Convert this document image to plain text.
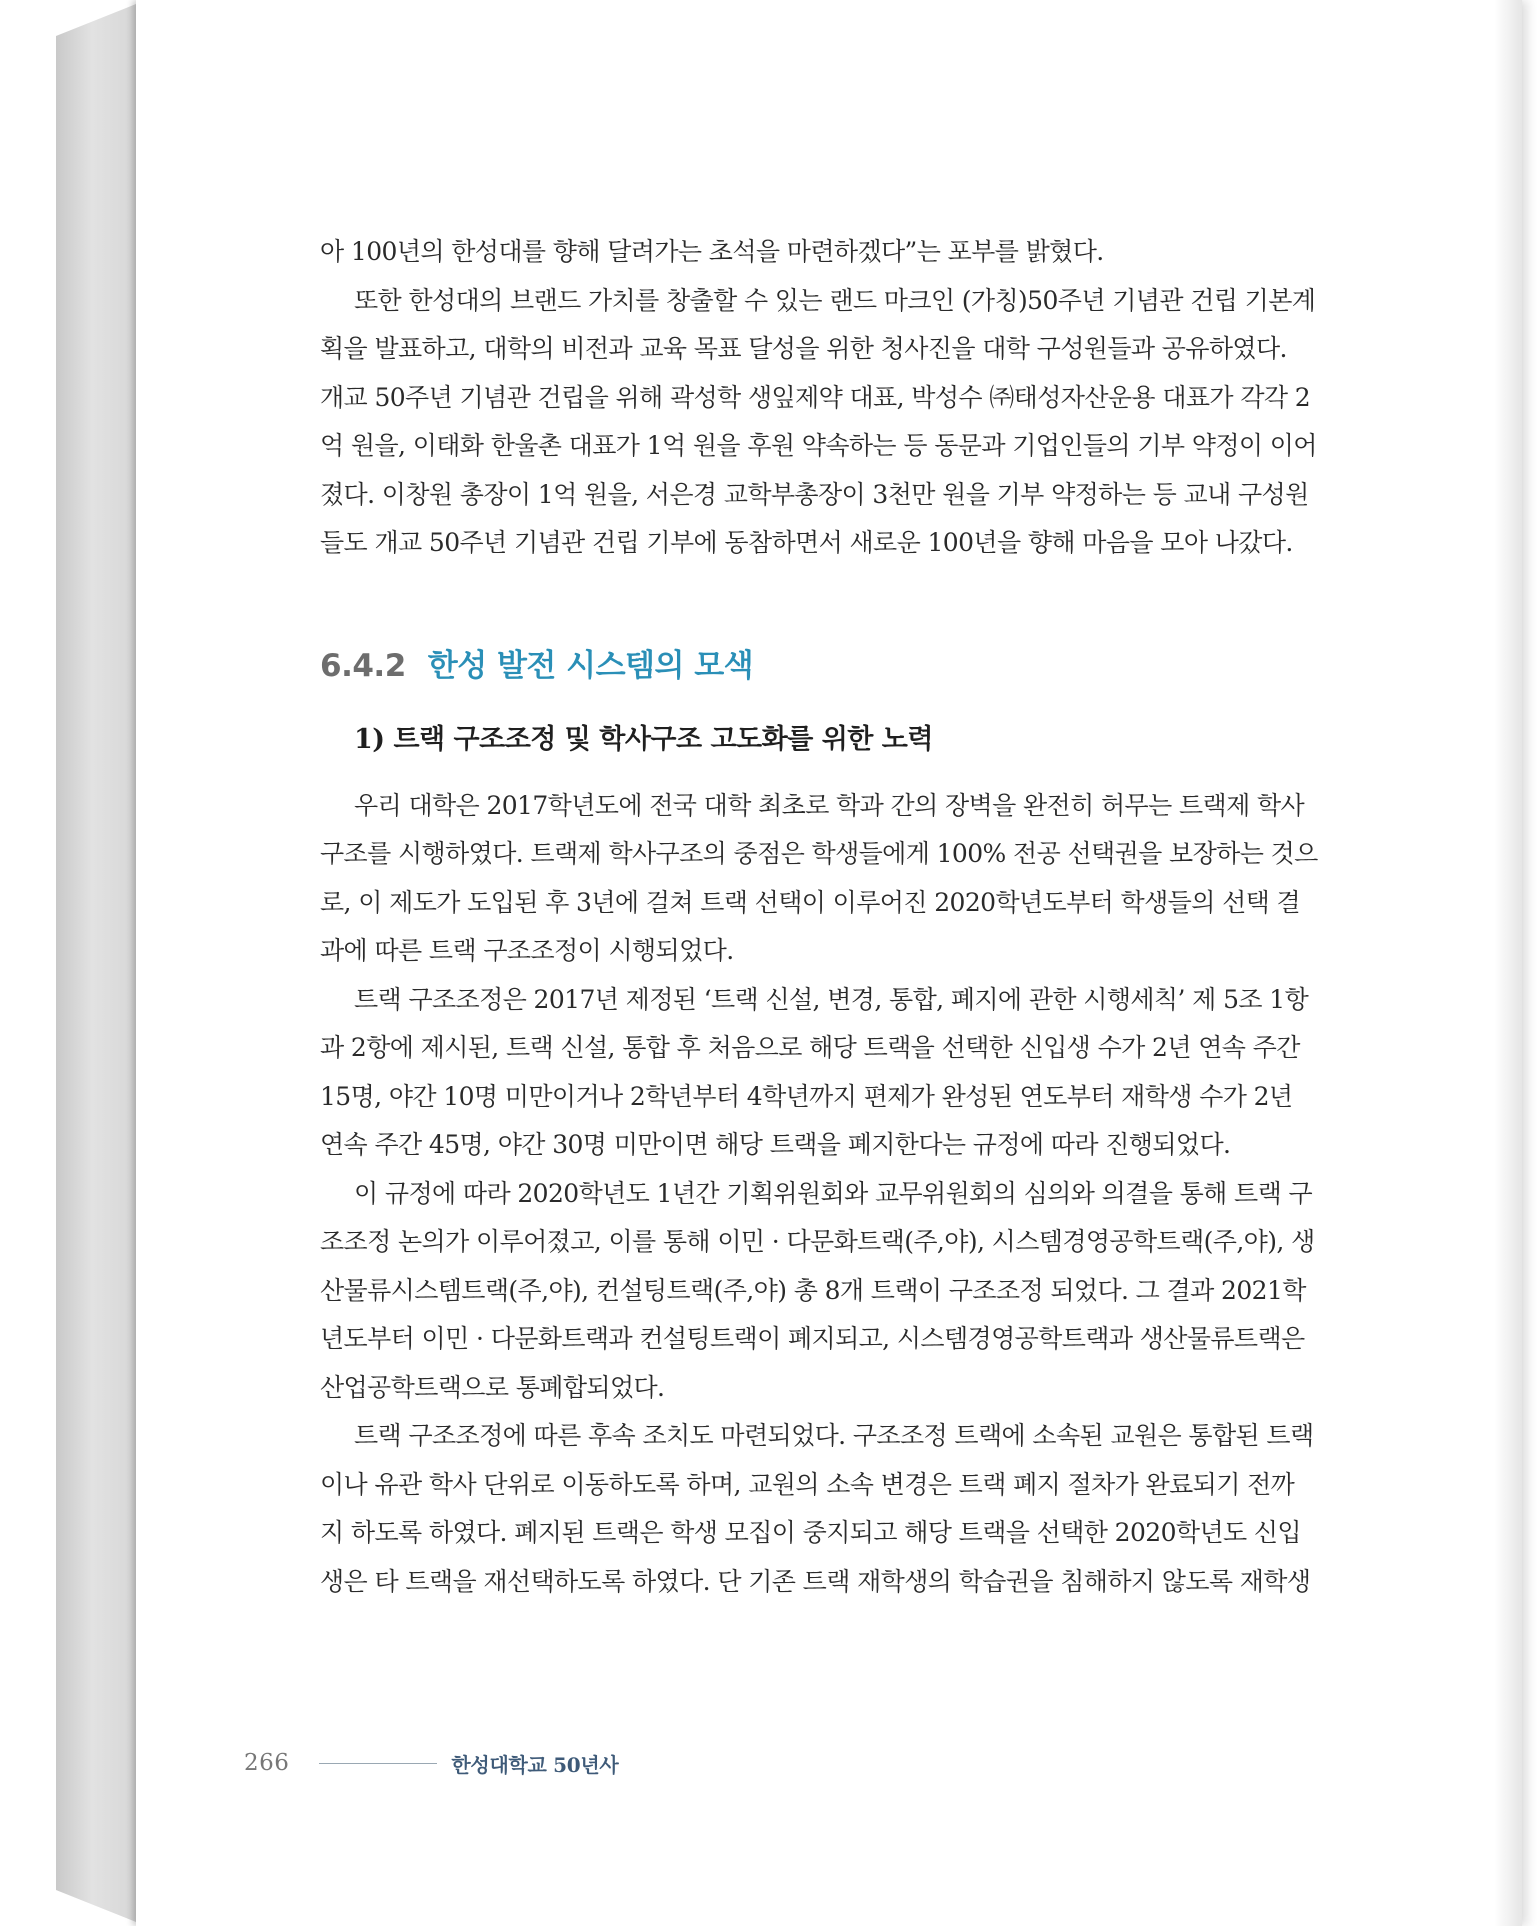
아 100년의 한성대를 향해 달려가는 초석을 마련하겠다”는 포부를 밝혔다.

또한 한성대의 브랜드 가치를 창출할 수 있는 랜드 마크인 (가칭)50주년 기념관 건립 기본계
획을 발표하고, 대학의 비전과 교육 목표 달성을 위한 청사진을 대학 구성원들과 공유하였다.
개교 50주년 기념관 건립을 위해 곽성학 생잎제약 대표, 박성수 ㈜태성자산운용 대표가 각각 2
억 원을, 이태화 한울촌 대표가 1억 원을 후원 약속하는 등 동문과 기업인들의 기부 약정이 이어
졌다. 이창원 총장이 1억 원을, 서은경 교학부총장이 3천만 원을 기부 약정하는 등 교내 구성원
들도 개교 50주년 기념관 건립 기부에 동참하면서 새로운 100년을 향해 마음을 모아 나갔다.

6.4.2 한성 발전 시스템의 모색
1) 트랙 구조조정 및 학사구조 고도화를 위한 노력

우리 대학은 2017학년도에 전국 대학 최초로 학과 간의 장벽을 완전히 허무는 트랙제 학사
구조를 시행하였다. 트랙제 학사구조의 중점은 학생들에게 100% 전공 선택권을 보장하는 것으
로, 이 제도가 도입된 후 3년에 걸쳐 트랙 선택이 이루어진 2020학년도부터 학생들의 선택 결
과에 따른 트랙 구조조정이 시행되었다.

트랙 구조조정은 2017년 제정된 ‘트랙 신설, 변경, 통합, 폐지에 관한 시행세칙’ 제 5조 1항
과 2항에 제시된, 트랙 신설, 통합 후 처음으로 해당 트랙을 선택한 신입생 수가 2년 연속 주간
15명, 야간 10명 미만이거나 2학년부터 4학년까지 편제가 완성된 연도부터 재학생 수가 2년
연속 주간 45명, 야간 30명 미만이면 해당 트랙을 폐지한다는 규정에 따라 진행되었다.

이 규정에 따라 2020학년도 1년간 기획위원회와 교무위원회의 심의와 의결을 통해 트랙 구
조조정 논의가 이루어졌고, 이를 통해 이민 · 다문화트랙(주,야), 시스템경영공학트랙(주,야), 생
산물류시스템트랙(주,야), 컨설팅트랙(주,야) 총 8개 트랙이 구조조정 되었다. 그 결과 2021학
년도부터 이민 · 다문화트랙과 컨설팅트랙이 폐지되고, 시스템경영공학트랙과 생산물류트랙은
산업공학트랙으로 통폐합되었다.

트랙 구조조정에 따른 후속 조치도 마련되었다. 구조조정 트랙에 소속된 교원은 통합된 트랙
이나 유관 학사 단위로 이동하도록 하며, 교원의 소속 변경은 트랙 폐지 절차가 완료되기 전까
지 하도록 하였다. 폐지된 트랙은 학생 모집이 중지되고 해당 트랙을 선택한 2020학년도 신입
생은 타 트랙을 재선택하도록 하였다. 단 기존 트랙 재학생의 학습권을 침해하지 않도록 재학생

266	한성대학교 50년사
